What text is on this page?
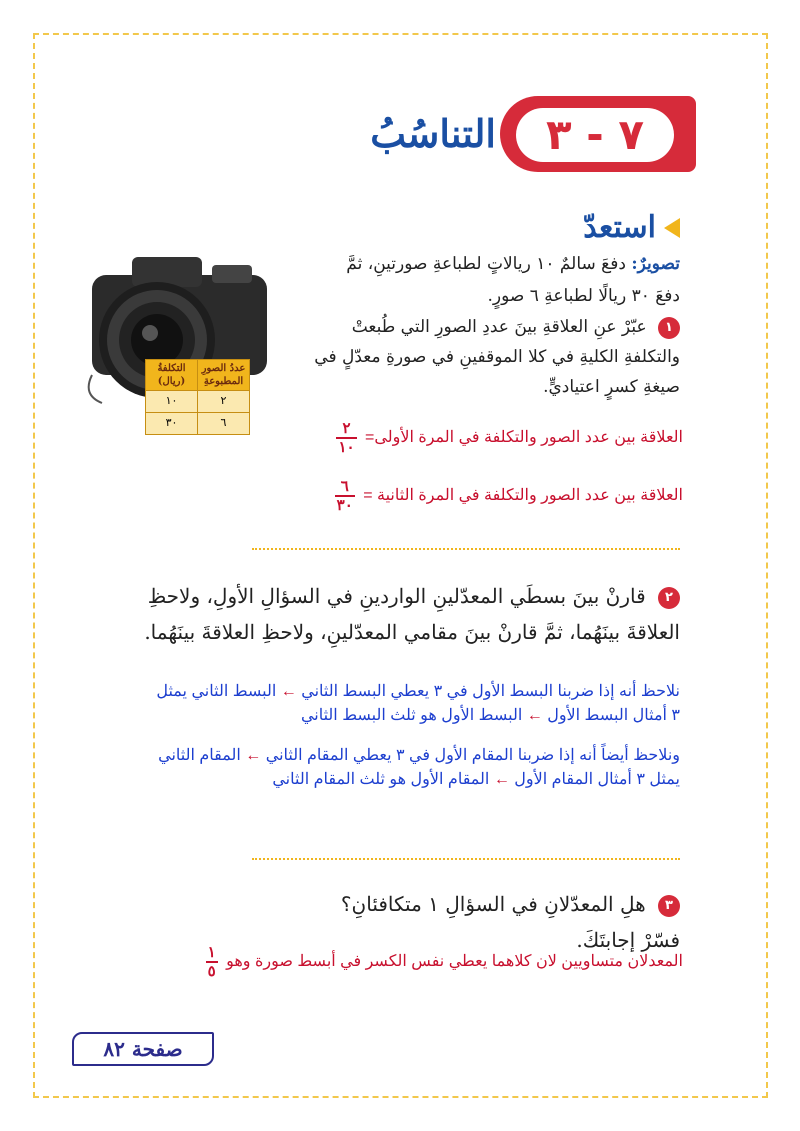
٧ - ٣
التناسُبُ
استعدّ
تصويرٌ: دفعَ سالمٌ ١٠ ريالاتٍ لطباعةِ صورتينِ، ثمَّ دفعَ ٣٠ ريالًا لطباعةِ ٦ صورٍ.
١ عبّرْ عنِ العلاقةِ بينَ عددِ الصورِ التي طُبعتْ والتكلفةِ الكليةِ في كلا الموقفينِ في صورةِ معدّلٍ في صيغةِ كسرٍ اعتياديٍّ.
عددُ الصورِ المطبوعةِ	التكلفةُ (ريال)
٢	١٠
٦	٣٠
العلاقة بين عدد الصور والتكلفة في المرة الأولى=
$\frac{٢}{١٠}$
العلاقة بين عدد الصور والتكلفة في المرة الثانية =
$\frac{٦}{٣٠}$
٢ قارنْ بينَ بسطَي المعدّلينِ الواردينِ في السؤالِ الأولِ، ولاحظِ العلاقةَ بينَهُما، ثمَّ قارنْ بينَ مقامي المعدّلينِ، ولاحظِ العلاقةَ بينَهُما.
نلاحظ أنه إذا ضربنا البسط الأول في ٣ يعطي البسط الثاني ← البسط الثاني يمثل ٣ أمثال البسط الأول ← البسط الأول هو ثلث البسط الثاني
ونلاحظ أيضاً أنه إذا ضربنا المقام الأول في ٣ يعطي المقام الثاني ← المقام الثاني يمثل ٣ أمثال المقام الأول ← المقام الأول هو ثلث المقام الثاني
٣ هلِ المعدّلانِ في السؤالِ ١ متكافئانِ؟ فسّرْ إجابتَكَ.
المعدلان متساويين لان كلاهما يعطي نفس الكسر في أبسط صورة وهو
$\frac{١}{٥}$
صفحة ٨٢
